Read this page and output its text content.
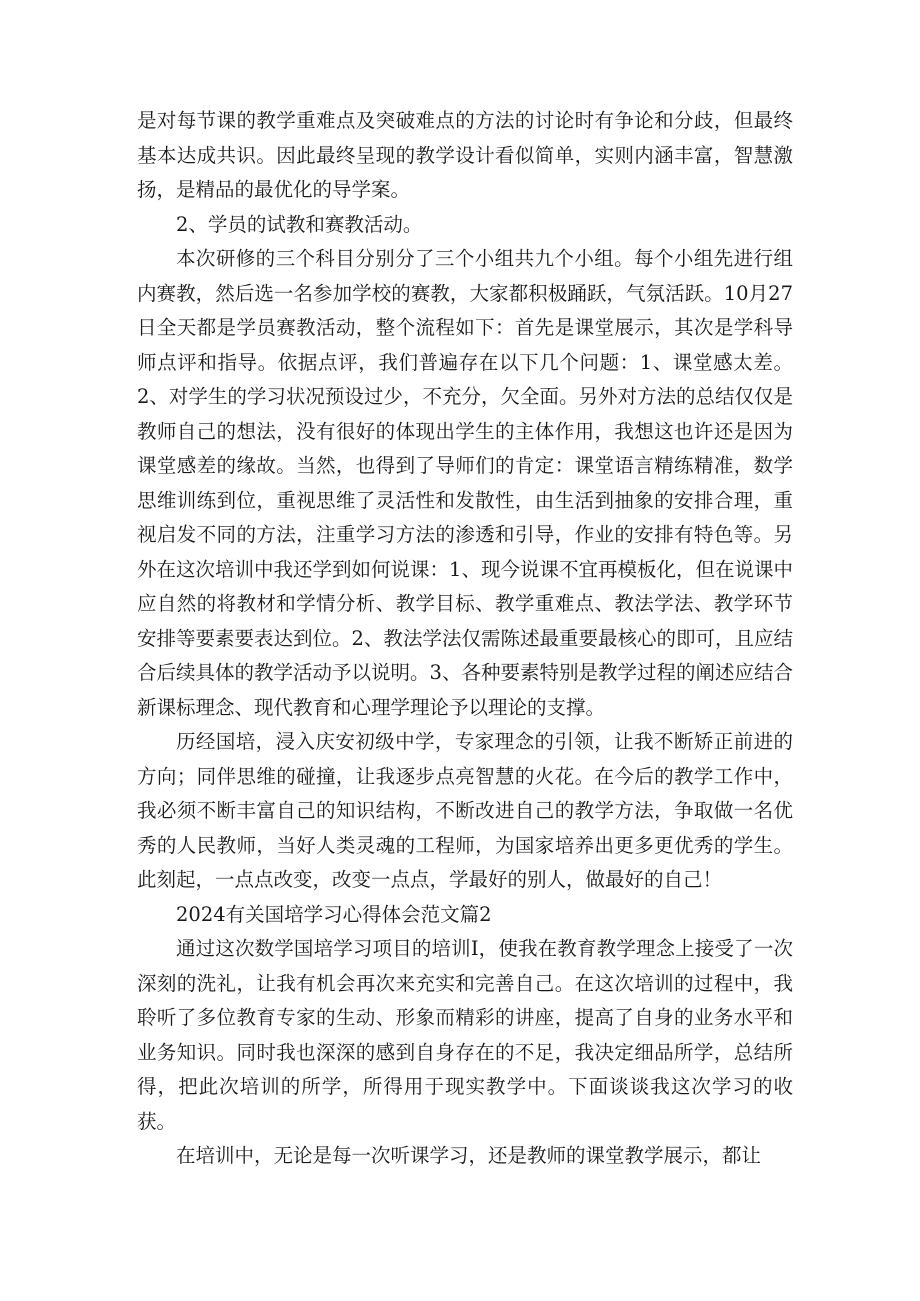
是对每节课的教学重难点及突破难点的方法的讨论时有争论和分歧，但最终基本达成共识。因此最终呈现的教学设计看似简单，实则内涵丰富，智慧激扬，是精品的最优化的导学案。

2、学员的试教和赛教活动。

本次研修的三个科目分别分了三个小组共九个小组。每个小组先进行组内赛教，然后选一名参加学校的赛教，大家都积极踊跃，气氛活跃。10月27日全天都是学员赛教活动，整个流程如下：首先是课堂展示，其次是学科导师点评和指导。依据点评，我们普遍存在以下几个问题：1、课堂感太差。2、对学生的学习状况预设过少，不充分，欠全面。另外对方法的总结仅仅是教师自己的想法，没有很好的体现出学生的主体作用，我想这也许还是因为课堂感差的缘故。当然，也得到了导师们的肯定：课堂语言精练精准，数学思维训练到位，重视思维了灵活性和发散性，由生活到抽象的安排合理，重视启发不同的方法，注重学习方法的渗透和引导，作业的安排有特色等。另外在这次培训中我还学到如何说课：1、现今说课不宜再模板化，但在说课中应自然的将教材和学情分析、教学目标、教学重难点、教法学法、教学环节安排等要素要表达到位。2、教法学法仅需陈述最重要最核心的即可，且应结合后续具体的教学活动予以说明。3、各种要素特别是教学过程的阐述应结合新课标理念、现代教育和心理学理论予以理论的支撑。

历经国培，浸入庆安初级中学，专家理念的引领，让我不断矫正前进的方向；同伴思维的碰撞，让我逐步点亮智慧的火花。在今后的教学工作中，我必须不断丰富自己的知识结构，不断改进自己的教学方法，争取做一名优秀的人民教师，当好人类灵魂的工程师，为国家培养出更多更优秀的学生。此刻起，一点点改变，改变一点点，学最好的别人，做最好的自己！

2024有关国培学习心得体会范文篇2

通过这次数学国培学习项目的培训I，使我在教育教学理念上接受了一次深刻的洗礼，让我有机会再次来充实和完善自己。在这次培训的过程中，我聆听了多位教育专家的生动、形象而精彩的讲座，提高了自身的业务水平和业务知识。同时我也深深的感到自身存在的不足，我决定细品所学，总结所得，把此次培训的所学，所得用于现实教学中。下面谈谈我这次学习的收获。

在培训中，无论是每一次听课学习，还是教师的课堂教学展示，都让
